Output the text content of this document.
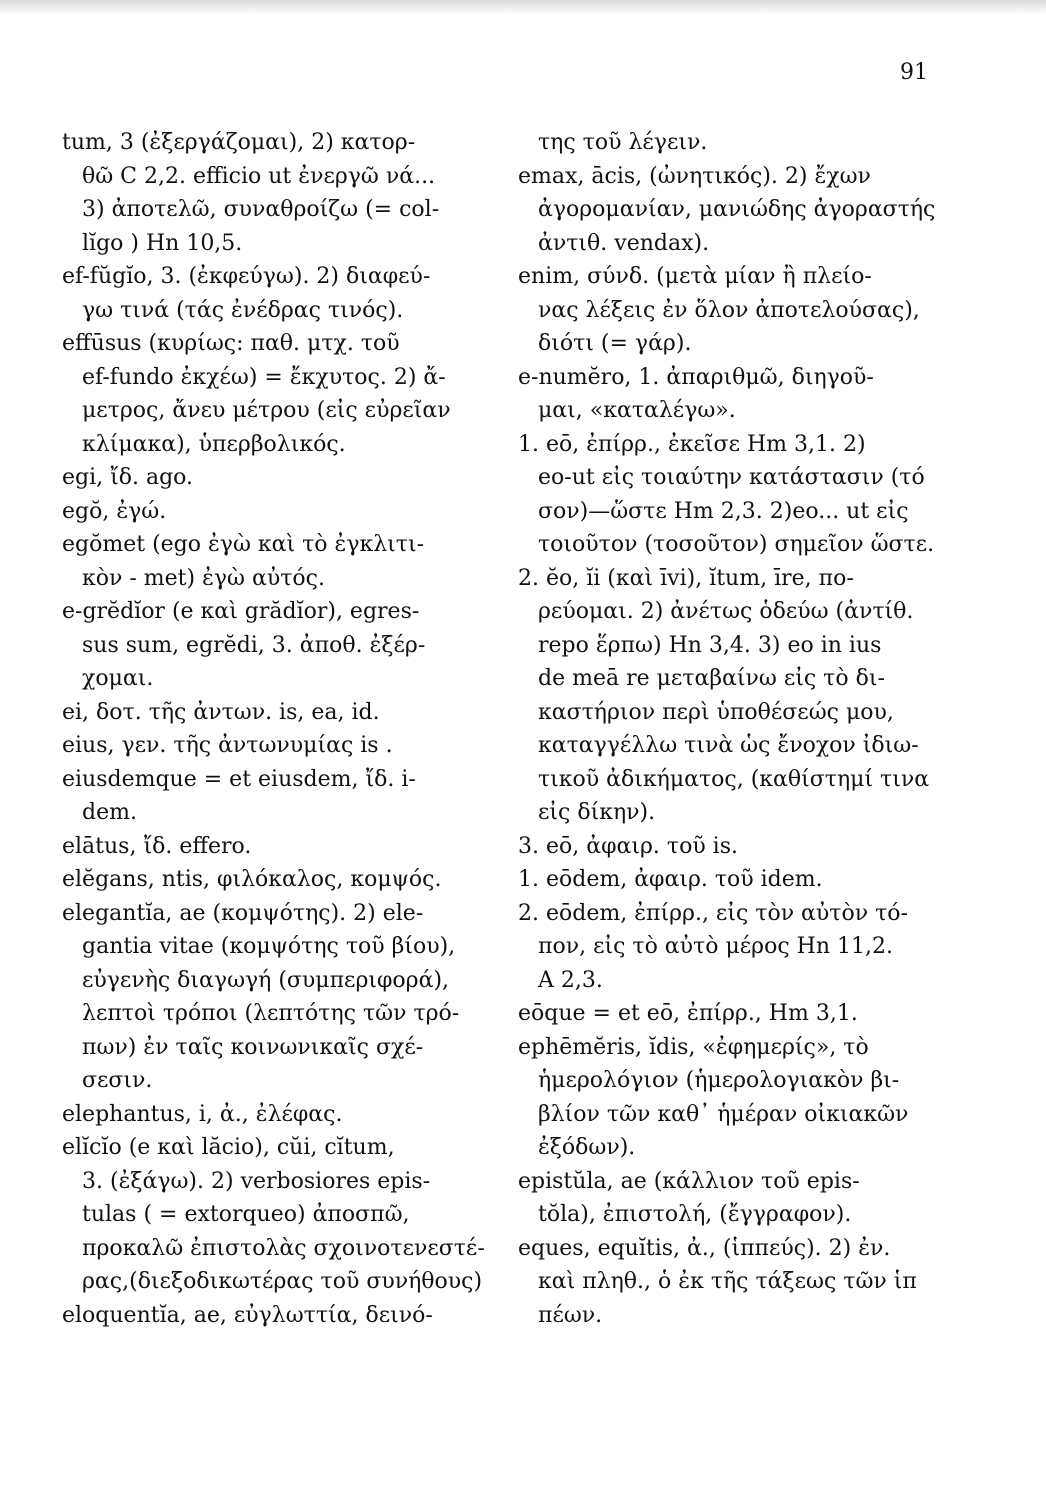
91
tum, 3 (ἐξεργάζομαι), 2) κατορ-
θῶ C 2,2. efficio ut ἐνεργῶ νά...
3) ἀποτελῶ, συναθροίζω (= col-
lĭgo ) Hn 10,5.
ef-fŭgĭo, 3. (ἐκφεύγω). 2) διαφεύ-
γω τινά (τάς ἐνέδρας τινός).
effūsus (κυρίως: παθ. μτχ. τοῦ
ef-fundo ἐκχέω) = ἔκχυτος. 2) ἄ-
μετρος, ἄνευ μέτρου (εἰς εὐρεῖαν
κλίμακα), ὑπερβολικός.
egi, ἴδ. ago.
egŏ, ἐγώ.
egŏmet (ego ἐγὼ καὶ τὸ ἐγκλιτι-
κὸν - met) ἐγὼ αὐτός.
e-grĕdĭor (e καὶ grădĭor), egres-
sus sum, egrĕdi, 3. ἀποθ. ἐξέρ-
χομαι.
ei, δοτ. τῆς ἀντων. is, ea, id.
eius, γεν. τῆς ἀντωνυμίας is .
eiusdemque = et eiusdem, ἴδ. i-
dem.
elātus, ἴδ. effero.
elĕgans, ntis, φιλόκαλος, κομψός.
elegantĭa, ae (κομψότης). 2) ele-
gantia vitae (κομψότης τοῦ βίου),
εὐγενὴς διαγωγή (συμπεριφορά),
λεπτοὶ τρόποι (λεπτότης τῶν τρό-
πων) ἐν ταῖς κοινωνικαῖς σχέ-
σεσιν.
elephantus, i, ἀ., ἐλέφας.
elĭcĭo (e καὶ lăcio), cŭi, cĭtum,
3. (ἐξάγω). 2) verbosiores epis-
tulas ( = extorqueo) ἀποσπῶ,
προκαλῶ ἐπιστολὰς σχοινοτενεστέ-
ρας,(διεξοδικωτέρας τοῦ συνήθους)
eloquentĭa, ae, εὐγλωττία, δεινό-
της τοῦ λέγειν.
emax, ācis, (ὠνητικός). 2) ἔχων
ἀγορομανίαν, μανιώδης ἀγοραστής
ἀντιθ. vendax).
enim, σύνδ. (μετὰ μίαν ἢ πλείο-
νας λέξεις ἐν ὅλον ἀποτελούσας),
διότι (= γάρ).
e-numĕro, 1. ἀπαριθμῶ, διηγοῦ-
μαι, «καταλέγω».
1. eō, ἐπίρρ., ἐκεῖσε Hm 3,1. 2)
eo-ut εἰς τοιαύτην κατάστασιν (τό
σον)—ὥστε Hm 2,3. 2)eo... ut εἰς
τοιοῦτον (τοσοῦτον) σημεῖον ὥστε.
2. ĕo, ĭi (καὶ īvi), ĭtum, īre, πο-
ρεύομαι. 2) ἀνέτως ὁδεύω (ἀντίθ.
repo ἕρπω) Hn 3,4. 3) eo in ius
de meā re μεταβαίνω εἰς τὸ δι-
καστήριον περὶ ὑποθέσεώς μου,
καταγγέλλω τινὰ ὡς ἔνοχον ἰδιω-
τικοῦ ἀδικήματος, (καθίστημί τινα
εἰς δίκην).
3. eō, ἀφαιρ. τοῦ is.
1. eōdem, ἀφαιρ. τοῦ idem.
2. eōdem, ἐπίρρ., εἰς τὸν αὐτὸν τό-
πον, εἰς τὸ αὐτὸ μέρος Hn 11,2.
A 2,3.
eōque = et eō, ἐπίρρ., Hm 3,1.
ephēmĕris, ĭdis, «ἐφημερίς», τὸ
ἡμερολόγιον (ἡμερολογιακὸν βι-
βλίον τῶν καθ᾿ ἡμέραν οἰκιακῶν
ἐξόδων).
epistŭla, ae (κάλλιον τοῦ epis-
tŏla), ἐπιστολή, (ἔγγραφον).
eques, equĭtis, ἀ., (ἱππεύς). 2) ἐν.
καὶ πληθ., ὁ ἐκ τῆς τάξεως τῶν ἱπ
πέων.
